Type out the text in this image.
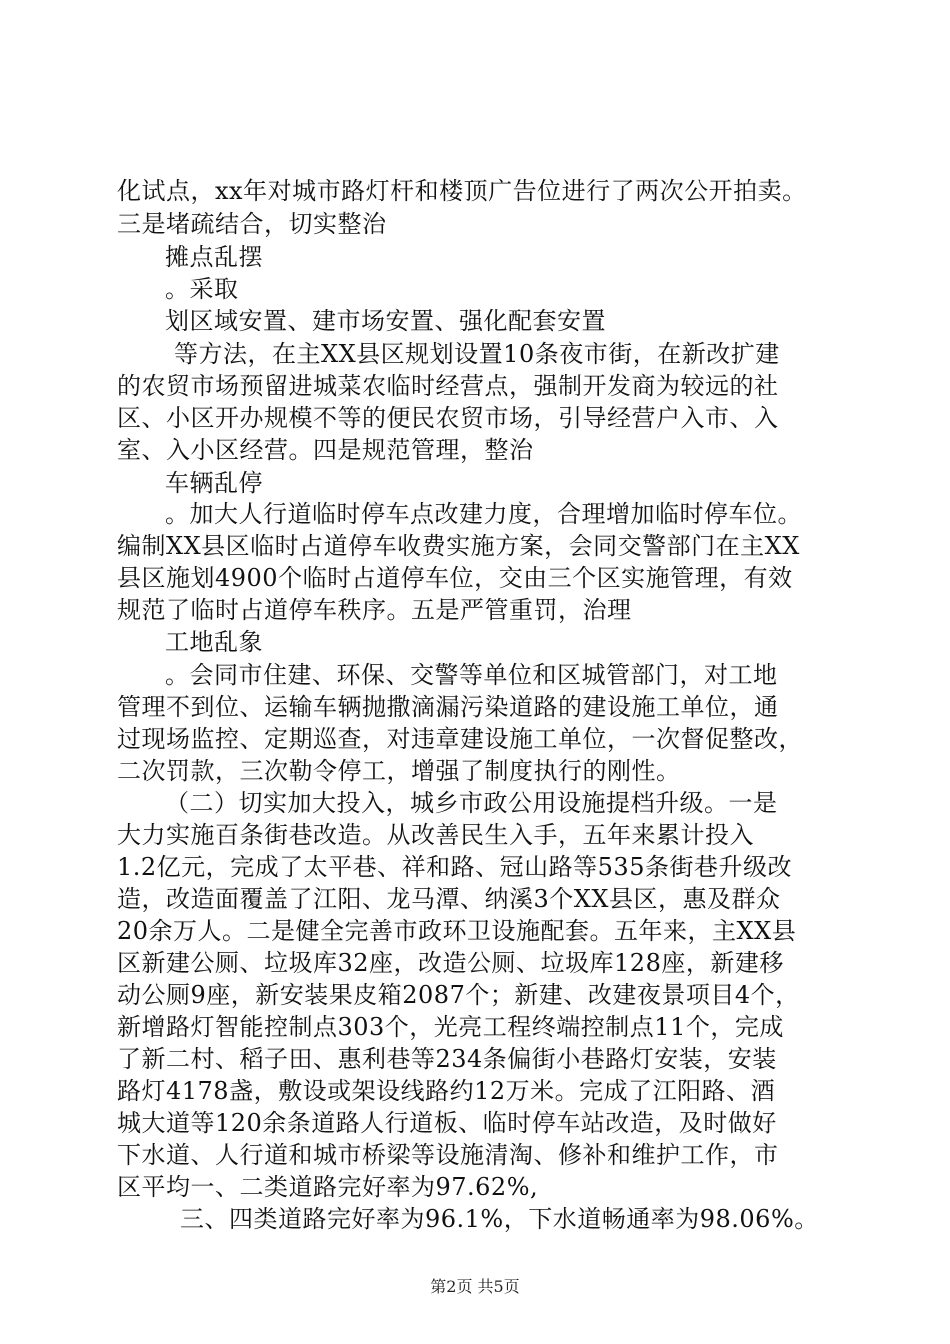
化试点，xx年对城市路灯杆和楼顶广告位进行了两次公开拍卖。
三是堵疏结合，切实整治
摊点乱摆
。采取
划区域安置、建市场安置、强化配套安置
等方法，在主XX县区规划设置10条夜市街，在新改扩建
的农贸市场预留进城菜农临时经营点，强制开发商为较远的社
区、小区开办规模不等的便民农贸市场，引导经营户入市、入
室、入小区经营。四是规范管理，整治
车辆乱停
。加大人行道临时停车点改建力度，合理增加临时停车位。
编制XX县区临时占道停车收费实施方案，会同交警部门在主XX
县区施划4900个临时占道停车位，交由三个区实施管理，有效
规范了临时占道停车秩序。五是严管重罚，治理
工地乱象
。会同市住建、环保、交警等单位和区城管部门，对工地
管理不到位、运输车辆抛撒滴漏污染道路的建设施工单位，通
过现场监控、定期巡查，对违章建设施工单位，一次督促整改，
二次罚款，三次勒令停工，增强了制度执行的刚性。
（二）切实加大投入，城乡市政公用设施提档升级。一是
大力实施百条街巷改造。从改善民生入手，五年来累计投入
1.2亿元，完成了太平巷、祥和路、冠山路等535条街巷升级改
造，改造面覆盖了江阳、龙马潭、纳溪3个XX县区，惠及群众
20余万人。二是健全完善市政环卫设施配套。五年来，主XX县
区新建公厕、垃圾库32座，改造公厕、垃圾库128座，新建移
动公厕9座，新安装果皮箱2087个；新建、改建夜景项目4个，
新增路灯智能控制点303个，光亮工程终端控制点11个，完成
了新二村、稻子田、惠利巷等234条偏街小巷路灯安装，安装
路灯4178盏，敷设或架设线路约12万米。完成了江阳路、酒
城大道等120余条道路人行道板、临时停车站改造，及时做好
下水道、人行道和城市桥梁等设施清淘、修补和维护工作，市
区平均一、二类道路完好率为97.62%,
三、四类道路完好率为96.1%，下水道畅通率为98.06%。
第2页 共5页
